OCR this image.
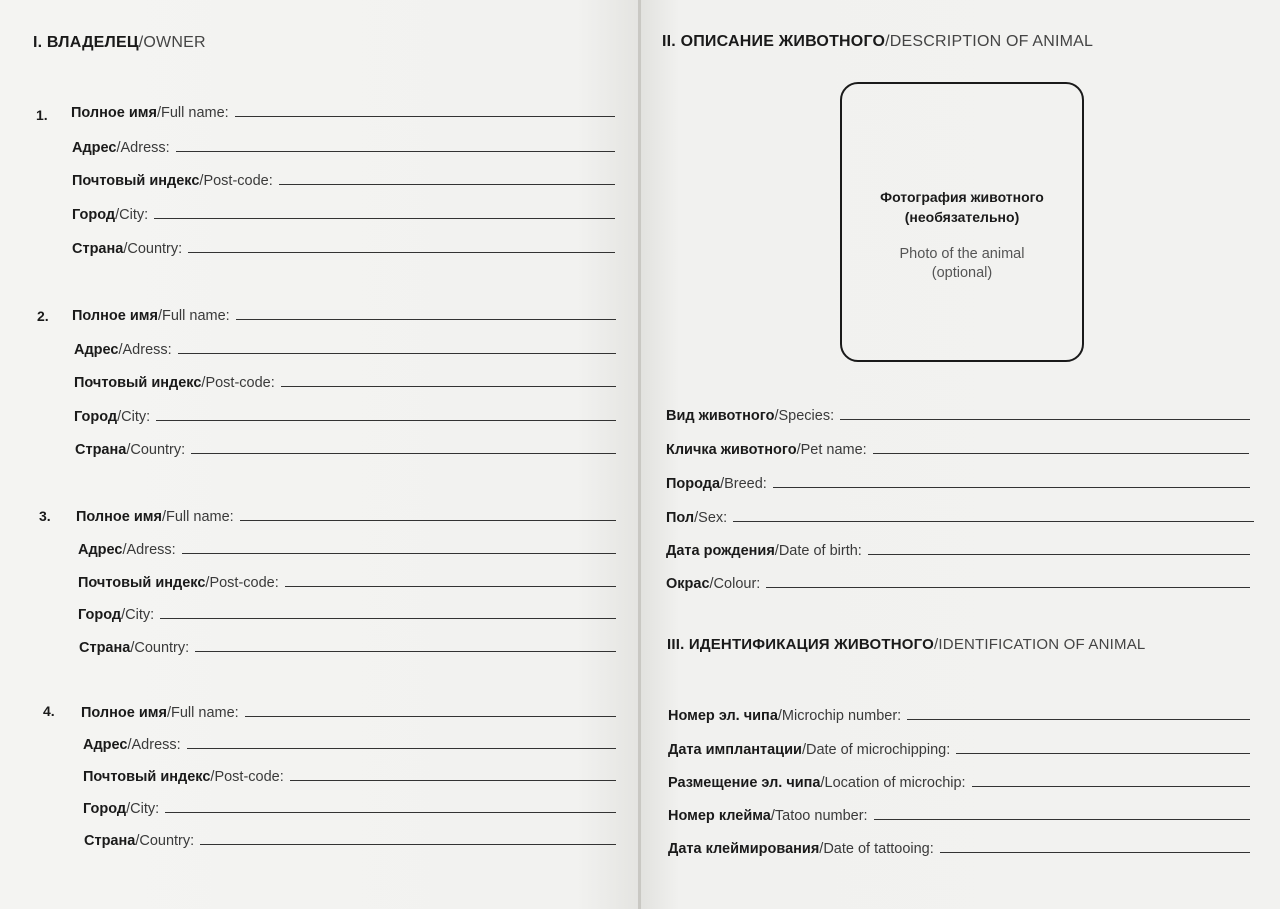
I. ВЛАДЕЛЕЦ/OWNER
1. Полное имя /Full name:
Адрес /Adress:
Почтовый индекс /Post-code:
Город /City:
Страна /Country:
2. Полное имя /Full name:
Адрес /Adress:
Почтовый индекс /Post-code:
Город /City:
Страна /Country:
3. Полное имя /Full name:
Адрес /Adress:
Почтовый индекс /Post-code:
Город /City:
Страна /Country:
4. Полное имя /Full name:
Адрес /Adress:
Почтовый индекс /Post-code:
Город /City:
Страна /Country:
II. ОПИСАНИЕ ЖИВОТНОГО/DESCRIPTION OF ANIMAL
Фотография животного
(необязательно)
Photo of the animal
(optional)
Вид животного /Species:
Кличка животного /Pet name:
Порода /Breed:
Пол /Sex:
Дата рождения /Date of birth:
Окрас /Colour:
III. ИДЕНТИФИКАЦИЯ ЖИВОТНОГО/IDENTIFICATION OF ANIMAL
Номер эл. чипа /Microchip number:
Дата имплантации /Date of microchipping:
Размещение эл. чипа /Location of microchip:
Номер клейма /Tatoo number:
Дата клеймирования /Date of tattooing:
